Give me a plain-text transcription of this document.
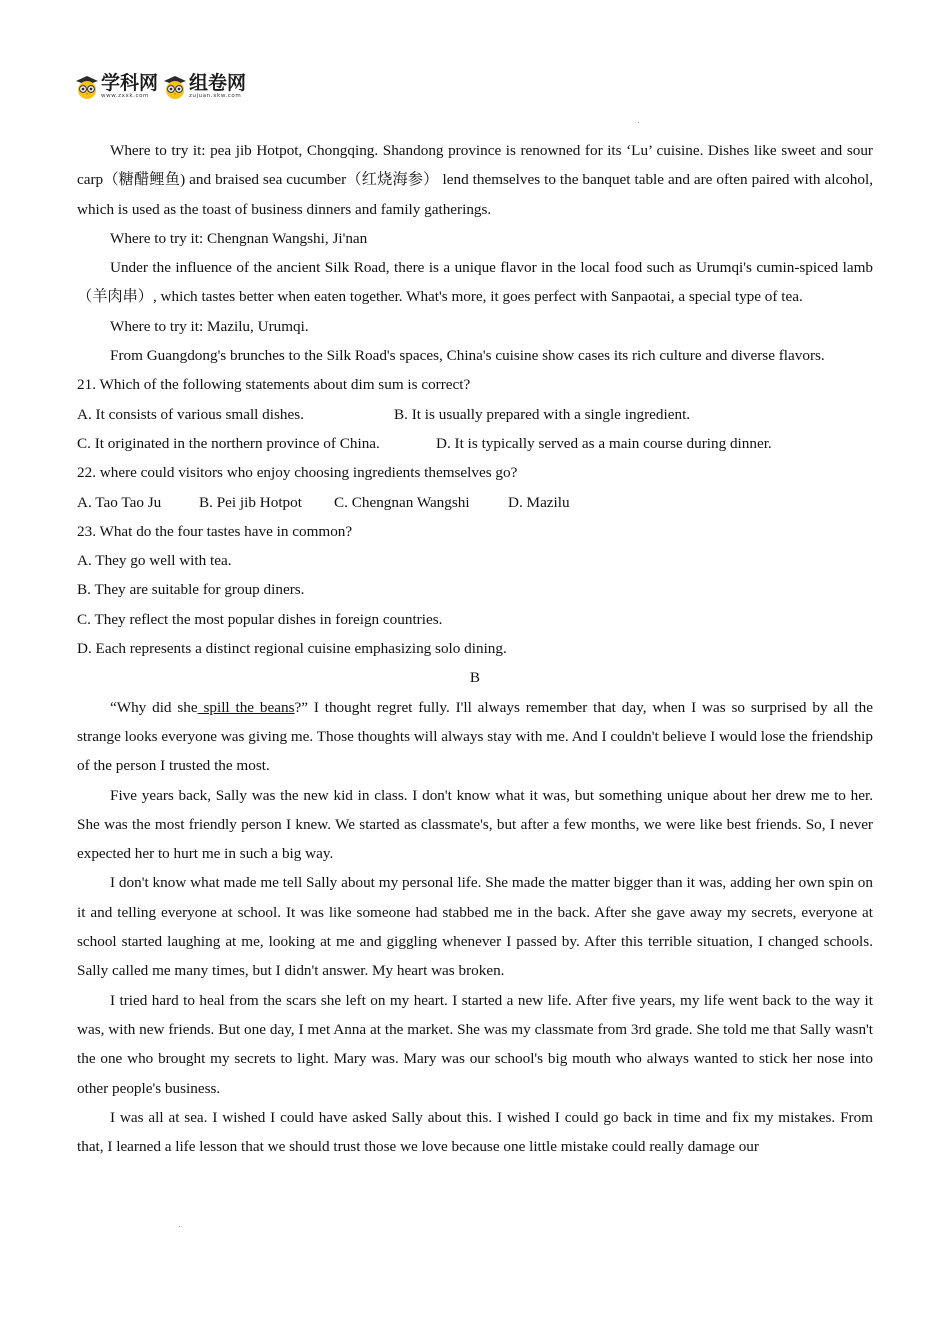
学科网
www.zxxk.com
组卷网
zujuan.xkw.com

Where to try it: pea jib Hotpot, Chongqing. Shandong province is renowned for its ‘Lu’ cuisine. Dishes like sweet and sour carp（糖醋鲤鱼) and braised sea cucumber（红烧海参） lend themselves to the banquet table and are often paired with alcohol, which is used as the toast of business dinners and family gatherings.

Where to try it: Chengnan Wangshi, Ji'nan

Under the influence of the ancient Silk Road, there is a unique flavor in the local food such as Urumqi's cumin-spiced lamb（羊肉串）, which tastes better when eaten together. What's more, it goes perfect with Sanpaotai, a special type of tea.

Where to try it: Mazilu, Urumqi.

From Guangdong's brunches to the Silk Road's spaces, China's cuisine show cases its rich culture and diverse flavors.

21. Which of the following statements about dim sum is correct?

A. It consists of various small dishes.	B. It is usually prepared with a single ingredient.
C. It originated in the northern province of China.	D. It is typically served as a main course during dinner.

22. where could visitors who enjoy choosing ingredients themselves go?

A. Tao Tao Ju	B. Pei jib Hotpot	C. Chengnan Wangshi	D. Mazilu

23. What do the four tastes have in common?

A. They go well with tea.

B. They are suitable for group diners.

C. They reflect the most popular dishes in foreign countries.

D. Each represents a distinct regional cuisine emphasizing solo dining.

B

“Why did she spill the beans?” I thought regret fully. I'll always remember that day, when I was so surprised by all the strange looks everyone was giving me. Those thoughts will always stay with me. And I couldn't believe I would lose the friendship of the person I trusted the most.

Five years back, Sally was the new kid in class. I don't know what it was, but something unique about her drew me to her. She was the most friendly person I knew. We started as classmate's, but after a few months, we were like best friends. So, I never expected her to hurt me in such a big way.

I don't know what made me tell Sally about my personal life. She made the matter bigger than it was, adding her own spin on it and telling everyone at school. It was like someone had stabbed me in the back. After she gave away my secrets, everyone at school started laughing at me, looking at me and giggling whenever I passed by. After this terrible situation, I changed schools. Sally called me many times, but I didn't answer. My heart was broken.

I tried hard to heal from the scars she left on my heart. I started a new life. After five years, my life went back to the way it was, with new friends. But one day, I met Anna at the market. She was my classmate from 3rd grade. She told me that Sally wasn't the one who brought my secrets to light. Mary was. Mary was our school's big mouth who always wanted to stick her nose into other people's business.

I was all at sea. I wished I could have asked Sally about this. I wished I could go back in time and fix my mistakes. From that, I learned a life lesson that we should trust those we love because one little mistake could really damage our
